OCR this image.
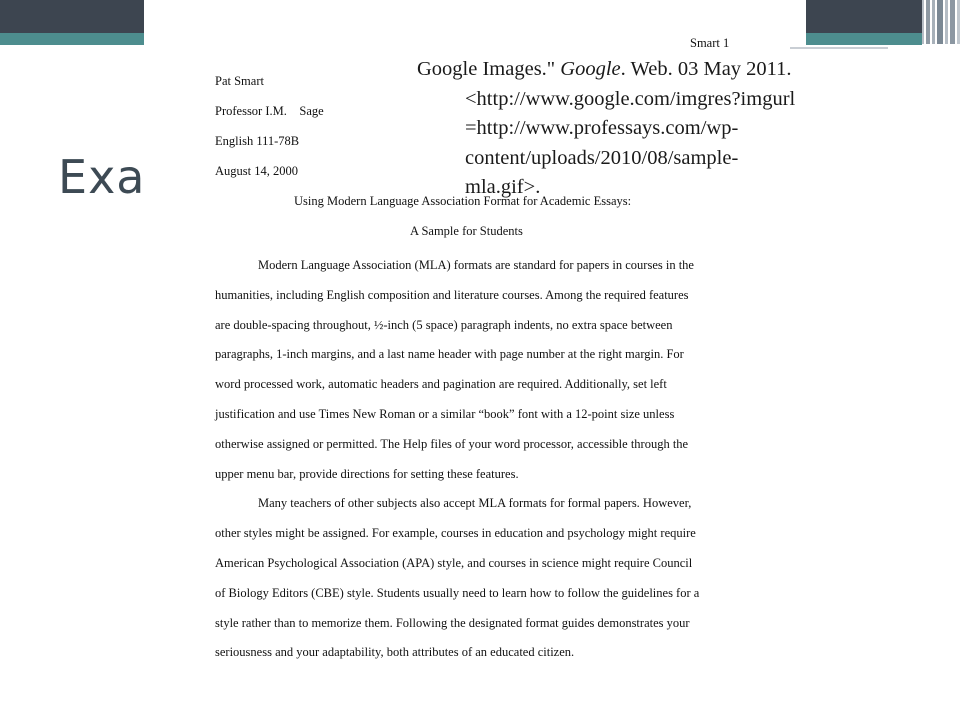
Exa
Smart 1
Pat Smart
Professor I.M.    Sage
English 111-78B
August 14, 2000
Using Modern Language Association Format for Academic Essays:
A Sample for Students
Modern Language Association (MLA) formats are standard for papers in courses in the
humanities, including English composition and literature courses. Among the required features
are double-spacing throughout, ½-inch (5 space) paragraph indents, no extra space between
paragraphs, 1-inch margins, and a last name header with page number at the right margin. For
word processed work, automatic headers and pagination are required. Additionally, set left
justification and use Times New Roman or a similar “book” font with a 12-point size unless
otherwise assigned or permitted. The Help files of your word processor, accessible through the
upper menu bar, provide directions for setting these features.
Many teachers of other subjects also accept MLA formats for formal papers. However,
other styles might be assigned. For example, courses in education and psychology might require
American Psychological Association (APA) style, and courses in science might require Council
of Biology Editors (CBE) style. Students usually need to learn how to follow the guidelines for a
style rather than to memorize them. Following the designated format guides demonstrates your
seriousness and your adaptability, both attributes of an educated citizen.
Google Images." Google. Web. 03 May 2011.
<http://www.google.com/imgres?imgurl
=http://www.professays.com/wp-
content/uploads/2010/08/sample-
mla.gif>.
